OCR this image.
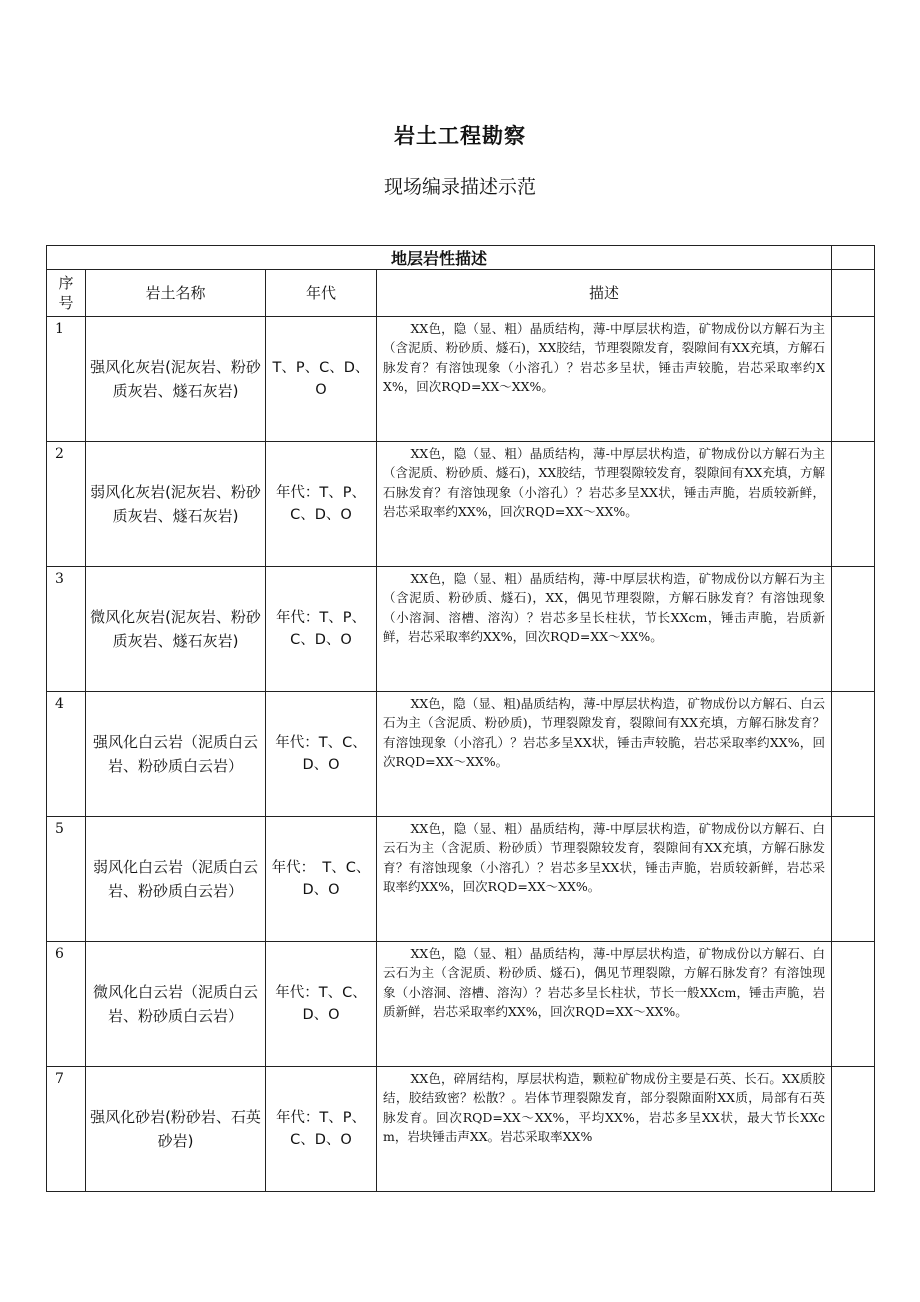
岩土工程勘察
现场编录描述示范
地层岩性描述				
序号	岩土名称	年代	描述	
1	强风化灰岩(泥灰岩、粉砂质灰岩、燧石灰岩)	T、P、C、D、O	XX色，隐（显、粗）晶质结构，薄-中厚层状构造，矿物成份以方解石为主（含泥质、粉砂质、燧石)，XX胶结，节理裂隙发育，裂隙间有XX充填，方解石脉发育？有溶蚀现象（小溶孔）？岩芯多呈状，锤击声较脆，岩芯采取率约XX%，回次RQD=XX～XX%。	
2	弱风化灰岩(泥灰岩、粉砂质灰岩、燧石灰岩)	年代：T、P、C、D、O	XX色，隐（显、粗）晶质结构，薄-中厚层状构造，矿物成份以方解石为主（含泥质、粉砂质、燧石)，XX胶结，节理裂隙较发育，裂隙间有XX充填，方解石脉发育？有溶蚀现象（小溶孔）？岩芯多呈XX状，锤击声脆，岩质较新鲜，岩芯采取率约XX%，回次RQD=XX～XX%。	
3	微风化灰岩(泥灰岩、粉砂质灰岩、燧石灰岩)	年代：T、P、C、D、O	XX色，隐（显、粗）晶质结构，薄-中厚层状构造，矿物成份以方解石为主（含泥质、粉砂质、燧石)，XX，偶见节理裂隙，方解石脉发育？有溶蚀现象（小溶洞、溶槽、溶沟）？岩芯多呈长柱状，节长XXcm，锤击声脆，岩质新鲜，岩芯采取率约XX%，回次RQD=XX～XX%。	
4	强风化白云岩（泥质白云岩、粉砂质白云岩）	年代：T、C、D、O	XX色，隐（显、粗)晶质结构，薄-中厚层状构造，矿物成份以方解石、白云石为主（含泥质、粉砂质)，节理裂隙发育，裂隙间有XX充填，方解石脉发育？有溶蚀现象（小溶孔）？岩芯多呈XX状，锤击声较脆，岩芯采取率约XX%，回次RQD=XX～XX%。	
5	弱风化白云岩（泥质白云岩、粉砂质白云岩）	年代：　T、C、D、O	XX色，隐（显、粗）晶质结构，薄-中厚层状构造，矿物成份以方解石、白云石为主（含泥质、粉砂质）节理裂隙较发育，裂隙间有XX充填，方解石脉发育？有溶蚀现象（小溶孔）？岩芯多呈XX状，锤击声脆，岩质较新鲜，岩芯采取率约XX%，回次RQD=XX～XX%。	
6	微风化白云岩（泥质白云岩、粉砂质白云岩）	年代：T、C、D、O	XX色，隐（显、粗）晶质结构，薄-中厚层状构造，矿物成份以方解石、白云石为主（含泥质、粉砂质、燧石)，偶见节理裂隙，方解石脉发育？有溶蚀现象（小溶洞、溶槽、溶沟）？岩芯多呈长柱状，节长一般XXcm，锤击声脆，岩质新鲜，岩芯采取率约XX%，回次RQD=XX～XX%。	
7	强风化砂岩(粉砂岩、石英砂岩)	年代：T、P、C、D、O	XX色，碎屑结构，厚层状构造，颗粒矿物成份主要是石英、长石。XX质胶结，胶结致密？松散？。岩体节理裂隙发育，部分裂隙面附XX质，局部有石英脉发育。回次RQD=XX～XX%，平均XX%，岩芯多呈XX状，最大节长XXcm，岩块锤击声XX。岩芯采取率XX%	
